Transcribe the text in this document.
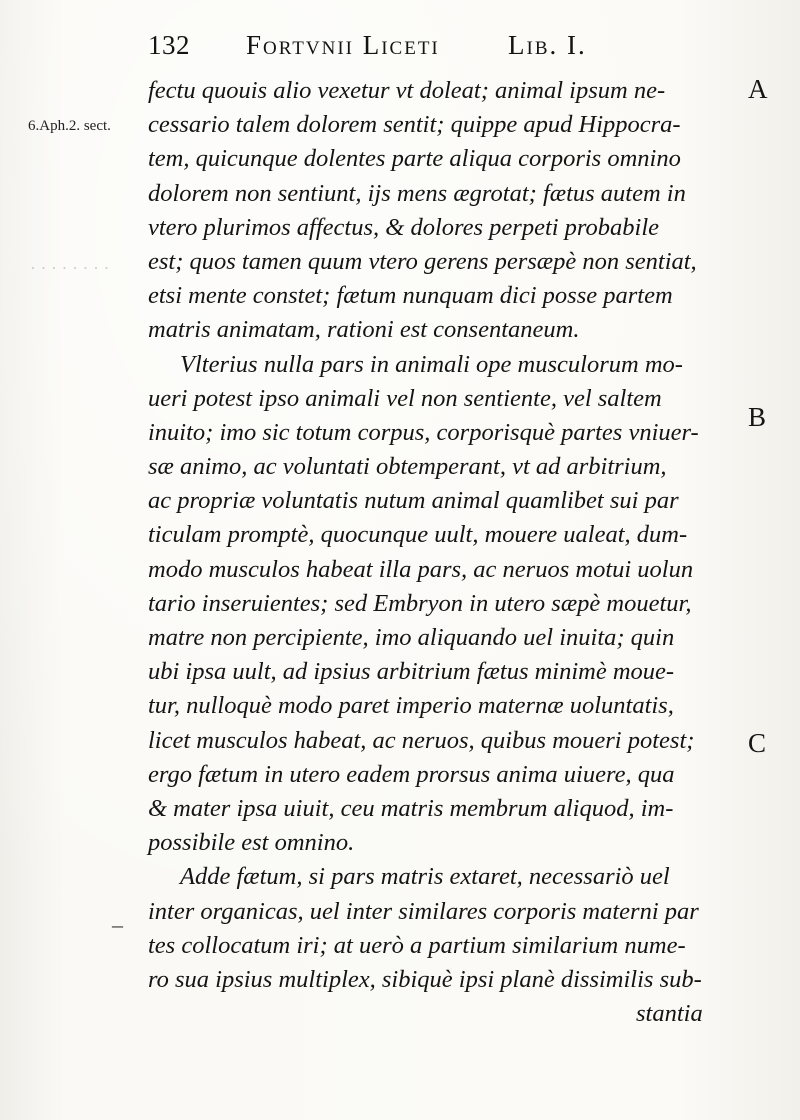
· · · · · · · ·
132 Fortvnii Liceti	Lib. I.
6.Aph.2. sect.
A
B
C
–
fectu quouis alio vexetur vt doleat; animal ipsum ne-
cessario talem dolorem sentit; quippe apud Hippocra-
tem, quicunque dolentes parte aliqua corporis omnino
dolorem non sentiunt, ijs mens ægrotat; fætus autem in
vtero plurimos affectus, & dolores perpeti probabile
est; quos tamen quum vtero gerens persæpè non sentiat,
etsi mente constet; fætum nunquam dici posse partem
matris animatam, rationi est consentaneum.
Vlterius nulla pars in animali ope musculorum mo-
ueri potest ipso animali vel non sentiente, vel saltem
inuito; imo sic totum corpus, corporisquè partes vniuer-
sæ animo, ac voluntati obtemperant, vt ad arbitrium,
ac propriæ voluntatis nutum animal quamlibet sui par
ticulam promptè, quocunque uult, mouere ualeat, dum-
modo musculos habeat illa pars, ac neruos motui uolun
tario inseruientes; sed Embryon in utero sæpè mouetur,
matre non percipiente, imo aliquando uel inuita; quin
ubi ipsa uult, ad ipsius arbitrium fætus minimè moue-
tur, nulloquè modo paret imperio maternæ uoluntatis,
licet musculos habeat, ac neruos, quibus moueri potest;
ergo fætum in utero eadem prorsus anima uiuere, qua
& mater ipsa uiuit, ceu matris membrum aliquod, im-
possibile est omnino.
Adde fætum, si pars matris extaret, necessariò uel
inter organicas, uel inter similares corporis materni par
tes collocatum iri; at uerò a partium similarium nume-
ro sua ipsius multiplex, sibiquè ipsi planè dissimilis sub-
stantia
